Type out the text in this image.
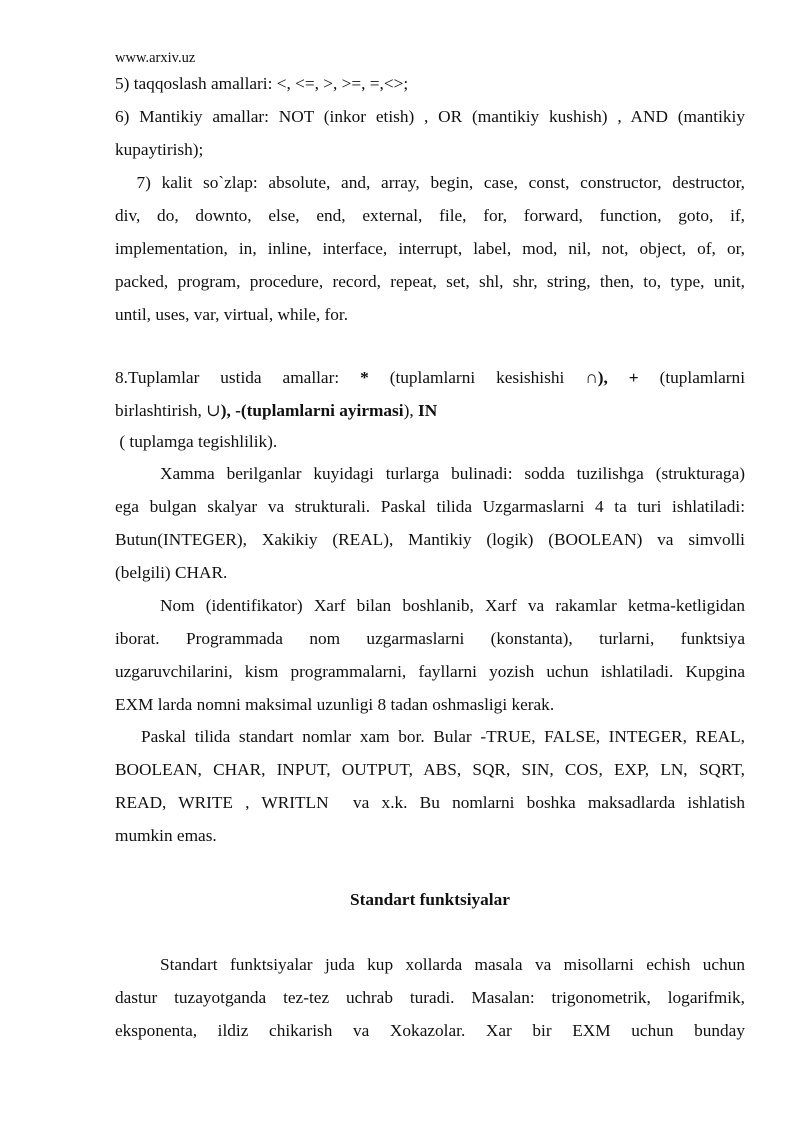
www.arxiv.uz
5) taqqoslash amallari: <, <=, >, >=, =,<>;
6) Mantikiy amallar: NOT (inkor etish) , OR (mantikiy kushish) , AND (mantikiy
kupaytirish);
7) kalit so`zlap: absolute, and, array, begin, case, const, constructor, destructor,
div, do, downto, else, end, external, file, for, forward, function, goto, if,
implementation, in, inline, interface, interrupt, label, mod, nil, not, object, of, or,
packed, program, procedure, record, repeat, set, shl, shr, string, then, to, type, unit,
until, uses, var, virtual, while, for.
8.Tuplamlar ustida amallar: * (tuplamlarni kesishishi ∩), + (tuplamlarni
birlashtirish, ∪), -(tuplamlarni ayirmasi), IN
( tuplamga tegishlilik).
Xamma berilganlar kuyidagi turlarga bulinadi: sodda tuzilishga (strukturaga)
ega bulgan skalyar va strukturali. Paskal tilida Uzgarmaslarni 4 ta turi ishlatiladi:
Butun(INTEGER), Xakikiy (REAL), Mantikiy (logik) (BOOLEAN) va simvolli
(belgili) CHAR.
Nom (identifikator) Xarf bilan boshlanib, Xarf va rakamlar ketma-ketligidan
iborat. Programmada nom uzgarmaslarni (konstanta), turlarni, funktsiya
uzgaruvchilarini, kism programmalarni, fayllarni yozish uchun ishlatiladi. Kupgina
EXM larda nomni maksimal uzunligi 8 tadan oshmasligi kerak.
Paskal tilida standart nomlar xam bor. Bular -TRUE, FALSE, INTEGER, REAL,
BOOLEAN, CHAR, INPUT, OUTPUT, ABS, SQR, SIN, COS, EXP, LN, SQRT,
READ, WRITE , WRITLN  va x.k. Bu nomlarni boshka maksadlarda ishlatish
mumkin emas.
Standart funktsiyalar
Standart funktsiyalar juda kup xollarda masala va misollarni echish uchun
dastur tuzayotganda tez-tez uchrab turadi. Masalan: trigonometrik, logarifmik,
eksponenta, ildiz chikarish va Xokazolar. Xar bir EXM uchun bunday
